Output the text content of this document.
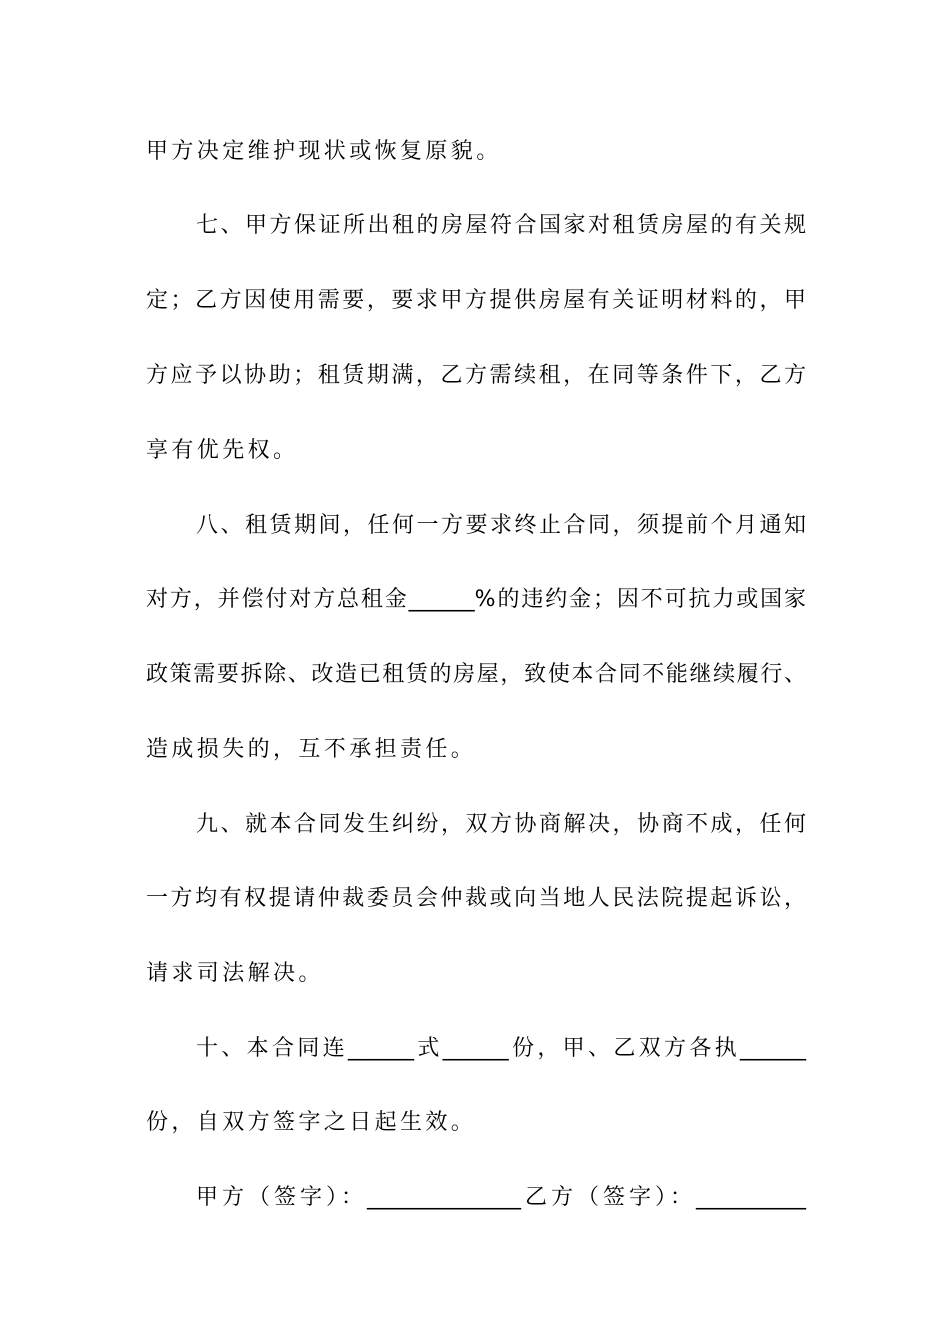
甲方决定维护现状或恢复原貌。

七、甲方保证所出租的房屋符合国家对租赁房屋的有关规

定；乙方因使用需要，要求甲方提供房屋有关证明材料的，甲

方应予以协助；租赁期满，乙方需续租，在同等条件下，乙方

享有优先权。

八、租赁期间，任何一方要求终止合同，须提前个月通知

对方，并偿付对方总租金______%的违约金；因不可抗力或国家

政策需要拆除、改造已租赁的房屋，致使本合同不能继续履行、

造成损失的，互不承担责任。

九、就本合同发生纠纷，双方协商解决，协商不成，任何

一方均有权提请仲裁委员会仲裁或向当地人民法院提起诉讼，

请求司法解决。

十、本合同连______式______份，甲、乙双方各执______

份，自双方签字之日起生效。

甲方（签字）：______________乙方（签字）：__________
